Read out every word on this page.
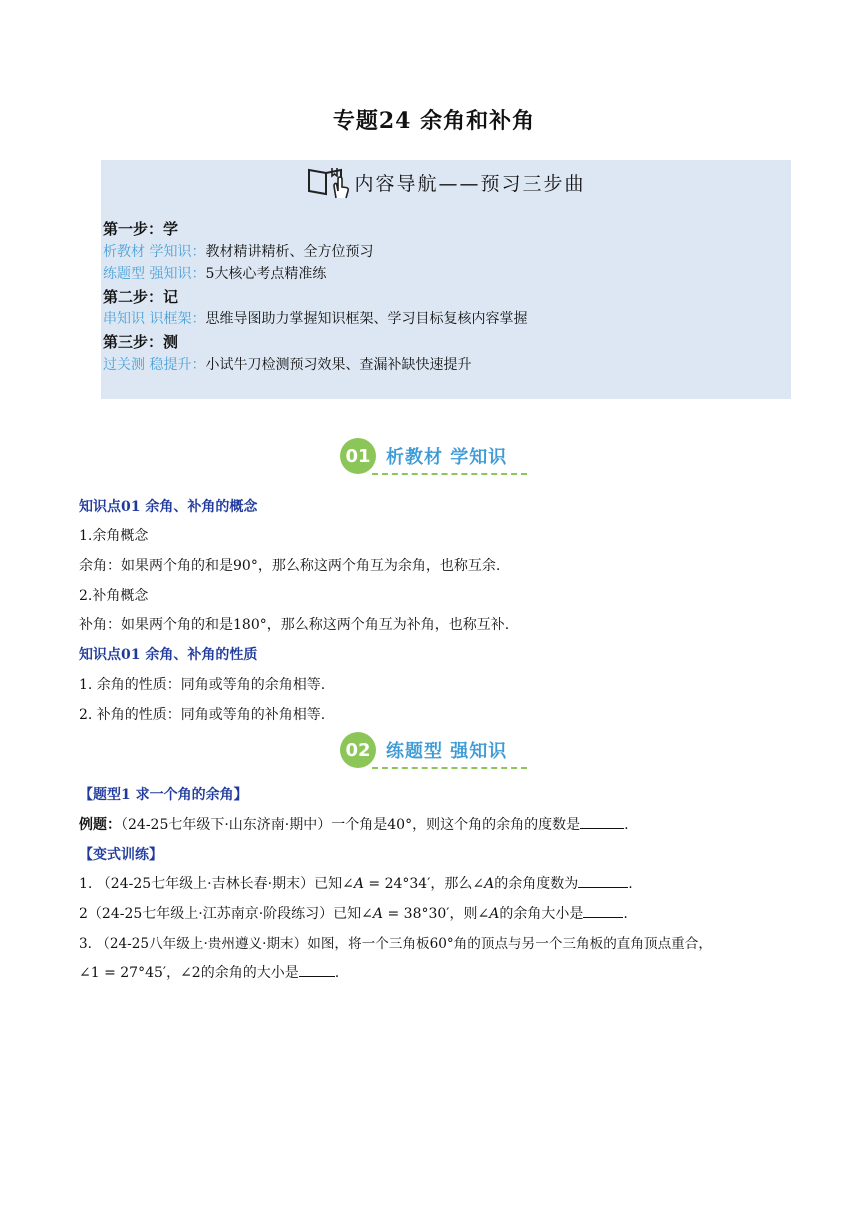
专题24 余角和补角
内容导航——预习三步曲
第一步：学
析教材 学知识：教材精讲精析、全方位预习
练题型 强知识：5大核心考点精准练
第二步：记
串知识 识框架：思维导图助力掌握知识框架、学习目标复核内容掌握
第三步：测
过关测 稳提升：小试牛刀检测预习效果、查漏补缺快速提升
01 析教材 学知识
知识点01 余角、补角的概念
1.余角概念
余角：如果两个角的和是90°，那么称这两个角互为余角，也称互余.
2.补角概念
补角：如果两个角的和是180°，那么称这两个角互为补角，也称互补.
知识点01 余角、补角的性质
1. 余角的性质：同角或等角的余角相等.
2. 补角的性质：同角或等角的补角相等.
02 练题型 强知识
【题型1 求一个角的余角】
例题：（24-25七年级下·山东济南·期中）一个角是40°，则这个角的余角的度数是	.
【变式训练】
1. （24-25七年级上·吉林长春·期末）已知∠A = 24°34′，那么∠A的余角度数为	.
2（24-25七年级上·江苏南京·阶段练习）已知∠A = 38°30′，则∠A的余角大小是	.
3. （24-25八年级上·贵州遵义·期末）如图，将一个三角板60°角的顶点与另一个三角板的直角顶点重合，
∠1 = 27°45′，∠2的余角的大小是	.
